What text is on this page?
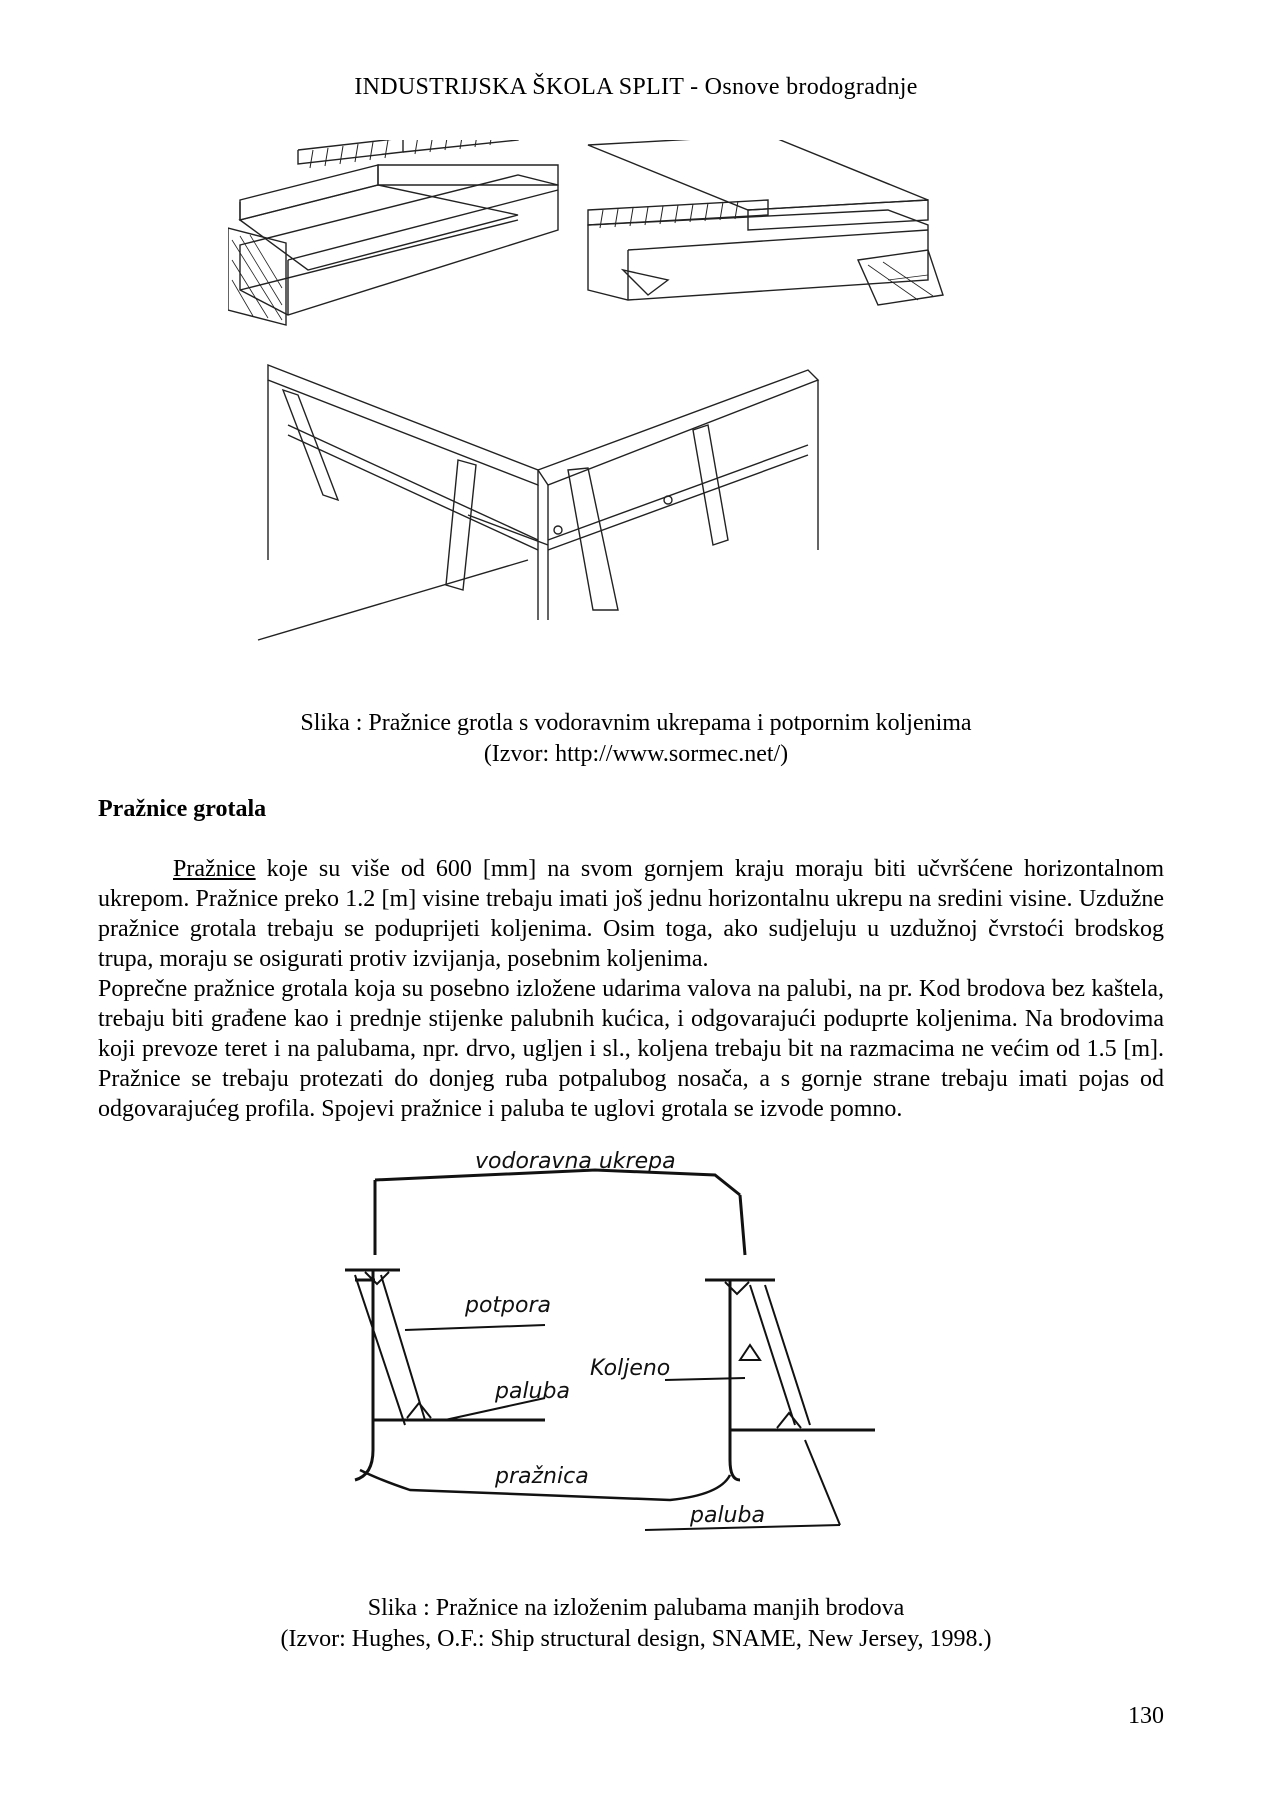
INDUSTRIJSKA ŠKOLA SPLIT - Osnove brodogradnje
Slika : Pražnice grotla s vodoravnim ukrepama i potpornim koljenima
(Izvor: http://www.sormec.net/)
Pražnice grotala

Pražnice koje su više od 600 [mm] na svom gornjem kraju moraju biti učvršćene horizontalnom ukrepom. Pražnice preko 1.2 [m] visine trebaju imati još jednu horizontalnu ukrepu na sredini visine. Uzdužne pražnice grotala trebaju se poduprijeti koljenima. Osim toga, ako sudjeluju u uzdužnoj čvrstoći brodskog trupa, moraju se osigurati protiv izvijanja, posebnim koljenima.

Poprečne pražnice grotala koja su posebno izložene udarima valova na palubi, na pr. Kod brodova bez kaštela, trebaju biti građene kao i prednje stijenke palubnih kućica, i odgovarajući poduprte koljenima. Na brodovima koji prevoze teret i na palubama, npr. drvo, ugljen i sl., koljena trebaju bit na razmacima ne većim od 1.5 [m]. Pražnice se trebaju protezati do donjeg ruba potpalubog nosača, a s gornje strane trebaju imati pojas od odgovarajućeg profila. Spojevi pražnice i paluba te uglovi grotala se izvode pomno.

vodoravna ukrepa
potpora
Koljeno
paluba
pražnica
paluba
Slika : Pražnice na izloženim palubama manjih brodova
(Izvor: Hughes, O.F.: Ship structural design, SNAME, New Jersey, 1998.)
130
